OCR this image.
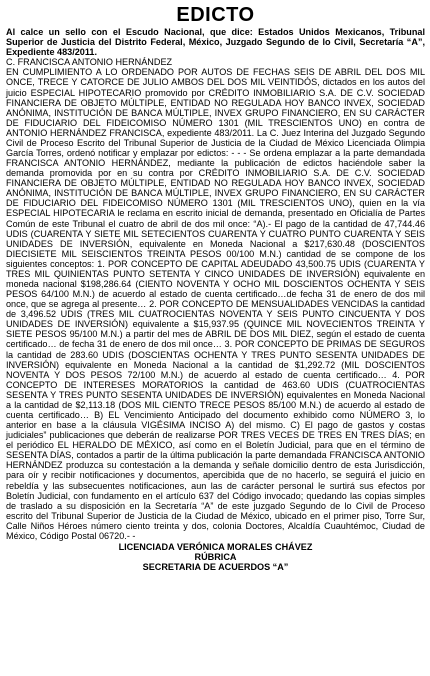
EDICTO

Al calce un sello con el Escudo Nacional, que dice: Estados Unidos Mexicanos, Tribunal Superior de Justicia del Distrito Federal, México, Juzgado Segundo de lo Civil, Secretaría “A”, Expediente 483/2011.

C. FRANCISCA ANTONIO HERNÁNDEZ

EN CUMPLIMIENTO A LO ORDENADO POR AUTOS DE FECHAS SEIS DE ABRIL DEL DOS MIL ONCE, TRECE Y CATORCE DE JULIO AMBOS DEL DOS MIL VEINTIDÓS, dictados en los autos del juicio ESPECIAL HIPOTECARIO promovido por CRÉDITO INMOBILIARIO S.A. DE C.V. SOCIEDAD FINANCIERA DE OBJETO MÚLTIPLE, ENTIDAD NO REGULADA HOY BANCO INVEX, SOCIEDAD ANÓNIMA, INSTITUCIÓN DE BANCA MÚLTIPLE, INVEX GRUPO FINANCIERO, EN SU CARÁCTER DE FIDUCIARIO DEL FIDEICOMISO NÚMERO 1301 (MIL TRESCIENTOS UNO) en contra de ANTONIO HERNÁNDEZ FRANCISCA, expediente 483/2011. La C. Juez Interina del Juzgado Segundo Civil de Proceso Escrito del Tribunal Superior de Justicia de la Ciudad de México Licenciada Olimpia García Torres, ordenó notificar y emplazar por edictos: - - - Se ordena emplazar a la parte demandada FRANCISCA ANTONIO HERNÁNDEZ, mediante la publicación de edictos haciéndole saber la demanda promovida por en su contra por CRÉDITO INMOBILIARIO S.A. DE C.V. SOCIEDAD FINANCIERA DE OBJETO MÚLTIPLE, ENTIDAD NO REGULADA HOY BANCO INVEX, SOCIEDAD ANÓNIMA, INSTITUCIÓN DE BANCA MÚLTIPLE, INVEX GRUPO FINANCIERO, EN SU CARÁCTER DE FIDUCIARIO DEL FIDEICOMISO NÚMERO 1301 (MIL TRESCIENTOS UNO), quien en la vía ESPECIAL HIPOTECARIA le reclama en escrito inicial de demanda, presentado en Oficialía de Partes Común de este Tribunal el cuatro de abril de dos mil once: “A).- El pago de la cantidad de 47,744.46 UDIS (CUARENTA Y SIETE MIL SETECIENTOS CUARENTA Y CUATRO PUNTO CUARENTA Y SEIS UNIDADES DE INVERSIÓN, equivalente en Moneda Nacional a $217,630.48 (DOSCIENTOS DIECISIETE MIL SEISCIENTOS TREINTA PESOS 00/100 M.N.) cantidad de se compone de los siguientes conceptos: 1. POR CONCEPTO DE CAPITAL ADEUDADO 43,500.75 UDIS (CUARENTA Y TRES MIL QUINIENTAS PUNTO SETENTA Y CINCO UNIDADES DE INVERSIÓN) equivalente en moneda nacional $198,286.64 (CIENTO NOVENTA Y OCHO MIL DOSCIENTOS OCHENTA Y SEIS PESOS 64/100 M.N.) de acuerdo al estado de cuenta certificado…de fecha 31 de enero de dos mil once, que se agrega al presente… 2. POR CONCEPTO DE MENSUALIDADES VENCIDAS la cantidad de 3,496.52 UDIS (TRES MIL CUATROCIENTAS NOVENTA Y SEIS PUNTO CINCUENTA Y DOS UNIDADES DE INVERSIÓN) equivalente a $15,937.95 (QUINCE MIL NOVECIENTOS TREINTA Y SIETE PESOS 95/100 M.N.) a partir del mes de ABRIL DE DOS MIL DIEZ, según el estado de cuenta certificado… de fecha 31 de enero de dos mil once… 3. POR CONCEPTO DE PRIMAS DE SEGUROS la cantidad de 283.60 UDIS (DOSCIENTAS OCHENTA Y TRES PUNTO SESENTA UNIDADES DE INVERSIÓN) equivalente en Moneda Nacional a la cantidad de $1,292.72 (MIL DOSCIENTOS NOVENTA Y DOS PESOS 72/100 M.N.) de acuerdo al estado de cuenta certificado… 4. POR CONCEPTO DE INTERESES MORATORIOS la cantidad de 463.60 UDIS (CUATROCIENTAS SESENTA Y TRES PUNTO SESENTA UNIDADES DE INVERSIÓN) equivalentes en Moneda Nacional a la cantidad de $2,113.18 (DOS MIL CIENTO TRECE PESOS 85/100 M.N.) de acuerdo al estado de cuenta certificado… B) EL Vencimiento Anticipado del documento exhibido como NÚMERO 3, lo anterior en base a la cláusula VIGÉSIMA INCISO A) del mismo. C) El pago de gastos y costas judiciales” publicaciones que deberán de realizarse POR TRES VECES DE TRES EN TRES DÍAS; en el periódico EL HERALDO DE MÉXICO, así como en el Boletín Judicial, para que en el término de SESENTA DÍAS, contados a partir de la última publicación la parte demandada FRANCISCA ANTONIO HERNÁNDEZ produzca su contestación a la demanda y señale domicilio dentro de esta Jurisdicción, para oír y recibir notificaciones y documentos, apercibida que de no hacerlo, se seguirá el juicio en rebeldía y las subsecuentes notificaciones, aun las de carácter personal le surtirá sus efectos por Boletín Judicial, con fundamento en el artículo 637 del Código invocado; quedando las copias simples de traslado a su disposición en la Secretaría “A” de este juzgado Segundo de lo Civil de Proceso escrito del Tribunal Superior de Justicia de la Ciudad de México, ubicado en el primer piso, Torre Sur, Calle Niños Héroes número ciento treinta y dos, colonia Doctores, Alcaldía Cuauhtémoc, Ciudad de México, Código Postal 06720.- -

LICENCIADA VERÓNICA MORALES CHÁVEZ

RÚBRICA

SECRETARIA DE ACUERDOS “A”
